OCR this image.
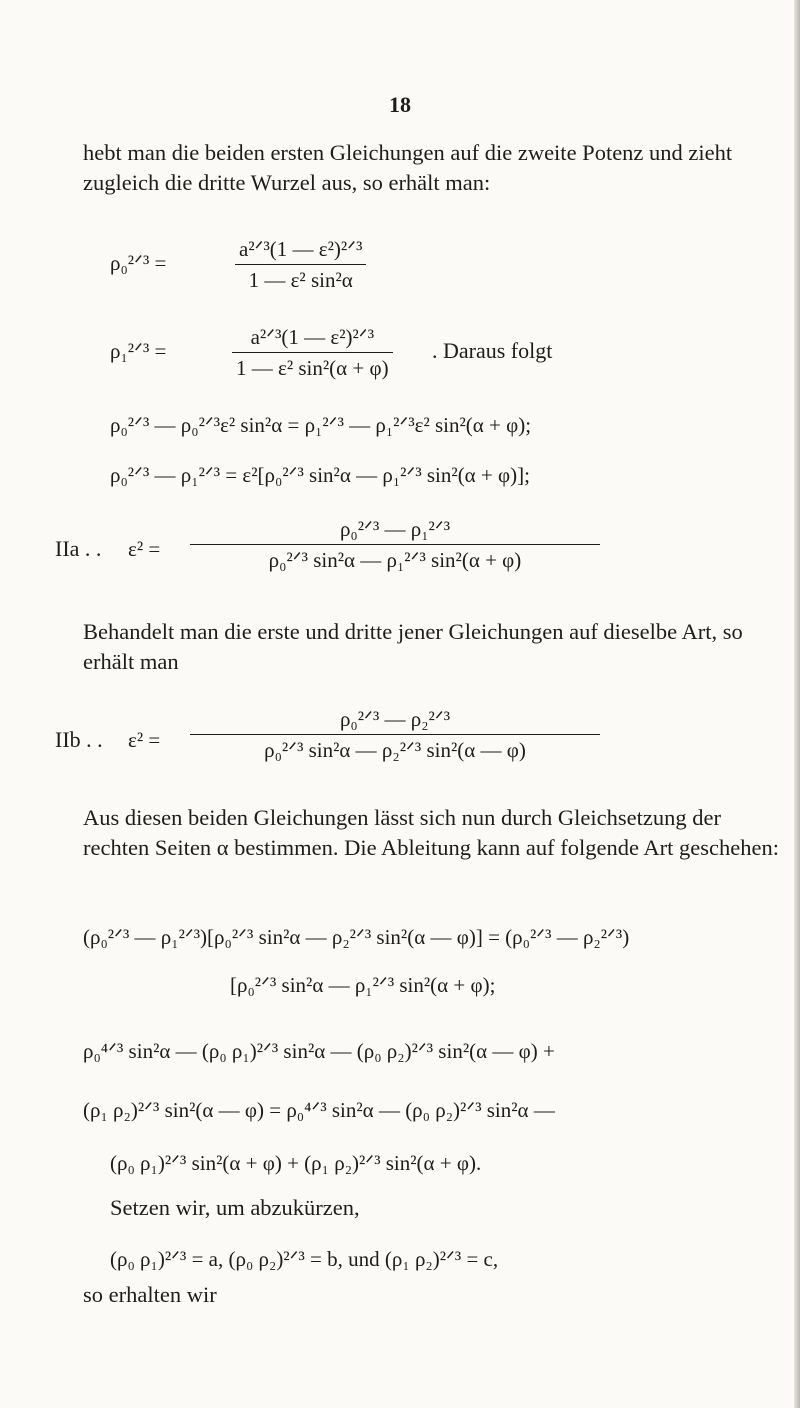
18
hebt man die beiden ersten Gleichungen auf die zweite Potenz und zieht zugleich die dritte Wurzel aus, so erhält man:
ρ₀²ᐟ³ =
a²ᐟ³(1 — ε²)²ᐟ³
1 — ε² sin²α
ρ₁²ᐟ³ =
a²ᐟ³(1 — ε²)²ᐟ³
1 — ε² sin²(α + φ)
. Daraus folgt
ρ₀²ᐟ³ — ρ₀²ᐟ³ε² sin²α = ρ₁²ᐟ³ — ρ₁²ᐟ³ε² sin²(α + φ);
ρ₀²ᐟ³ — ρ₁²ᐟ³ = ε²[ρ₀²ᐟ³ sin²α — ρ₁²ᐟ³ sin²(α + φ)];
IIa . . ε² =
ρ₀²ᐟ³ — ρ₁²ᐟ³
ρ₀²ᐟ³ sin²α — ρ₁²ᐟ³ sin²(α + φ)
Behandelt man die erste und dritte jener Gleichungen auf dieselbe Art, so erhält man
IIb . . ε² =
ρ₀²ᐟ³ — ρ₂²ᐟ³
ρ₀²ᐟ³ sin²α — ρ₂²ᐟ³ sin²(α — φ)
Aus diesen beiden Gleichungen lässt sich nun durch Gleichsetzung der rechten Seiten α bestimmen. Die Ableitung kann auf folgende Art geschehen:
(ρ₀²ᐟ³ — ρ₁²ᐟ³)[ρ₀²ᐟ³ sin²α — ρ₂²ᐟ³ sin²(α — φ)] = (ρ₀²ᐟ³ — ρ₂²ᐟ³)
[ρ₀²ᐟ³ sin²α — ρ₁²ᐟ³ sin²(α + φ);
ρ₀⁴ᐟ³ sin²α — (ρ₀ ρ₁)²ᐟ³ sin²α — (ρ₀ ρ₂)²ᐟ³ sin²(α — φ) +
(ρ₁ ρ₂)²ᐟ³ sin²(α — φ) = ρ₀⁴ᐟ³ sin²α — (ρ₀ ρ₂)²ᐟ³ sin²α —
(ρ₀ ρ₁)²ᐟ³ sin²(α + φ) + (ρ₁ ρ₂)²ᐟ³ sin²(α + φ).
Setzen wir, um abzukürzen,
(ρ₀ ρ₁)²ᐟ³ = a, (ρ₀ ρ₂)²ᐟ³ = b, und (ρ₁ ρ₂)²ᐟ³ = c,
so erhalten wir
